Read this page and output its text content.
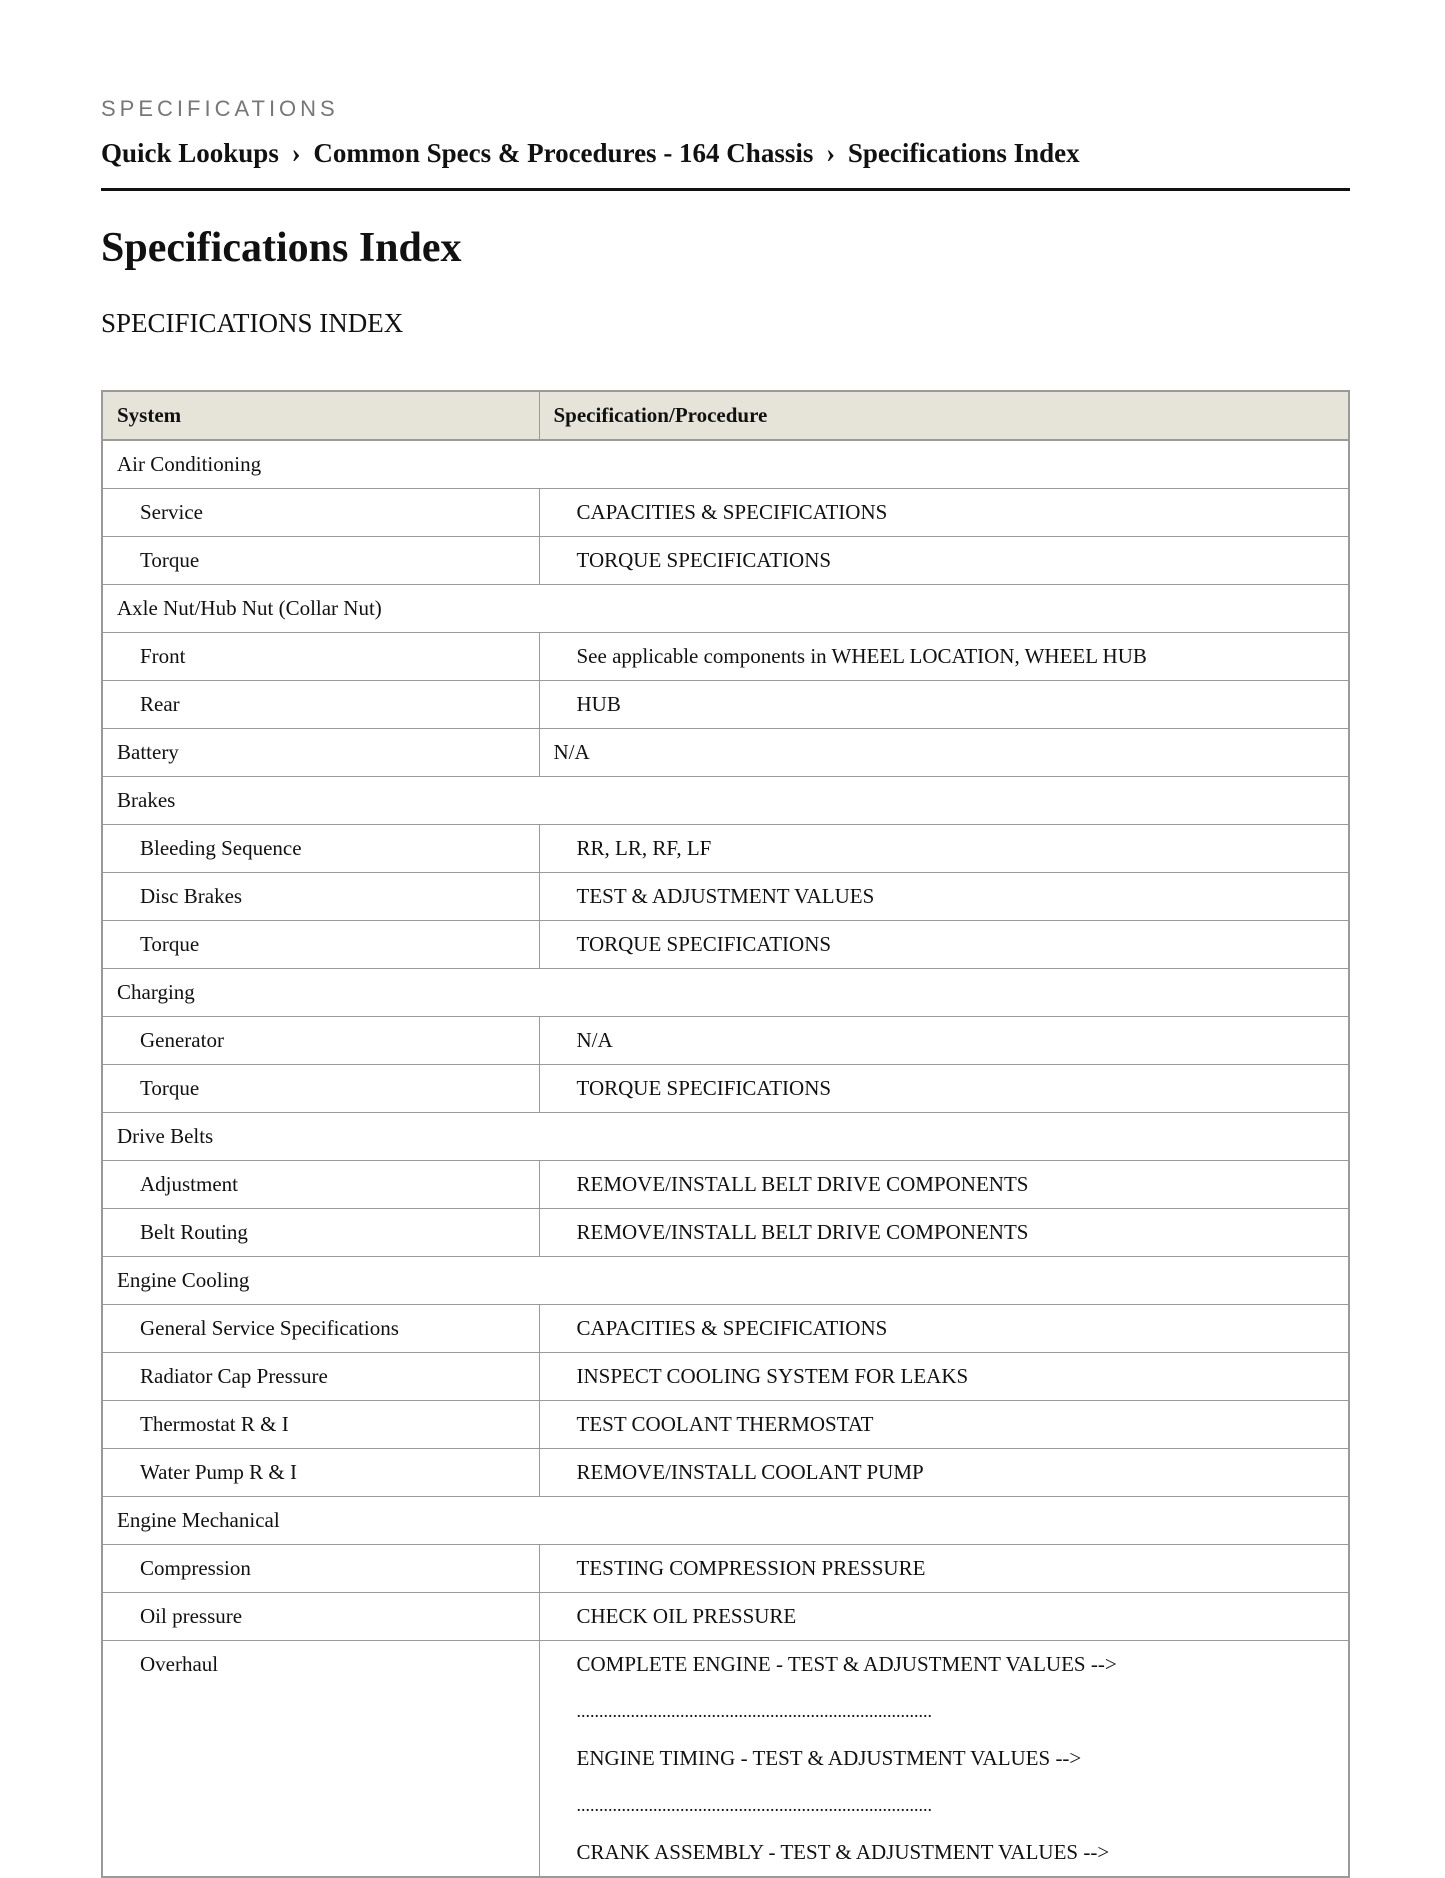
SPECIFICATIONS
Quick Lookups › Common Specs & Procedures - 164 Chassis › Specifications Index
Specifications Index
SPECIFICATIONS INDEX
System	Specification/Procedure
Air Conditioning	
Service	CAPACITIES & SPECIFICATIONS
Torque	TORQUE SPECIFICATIONS
Axle Nut/Hub Nut (Collar Nut)	
Front	See applicable components in WHEEL LOCATION, WHEEL HUB
Rear	HUB
Battery	N/A
Brakes	
Bleeding Sequence	RR, LR, RF, LF
Disc Brakes	TEST & ADJUSTMENT VALUES
Torque	TORQUE SPECIFICATIONS
Charging	
Generator	N/A
Torque	TORQUE SPECIFICATIONS
Drive Belts	
Adjustment	REMOVE/INSTALL BELT DRIVE COMPONENTS
Belt Routing	REMOVE/INSTALL BELT DRIVE COMPONENTS
Engine Cooling	
General Service Specifications	CAPACITIES & SPECIFICATIONS
Radiator Cap Pressure	INSPECT COOLING SYSTEM FOR LEAKS
Thermostat R & I	TEST COOLANT THERMOSTAT
Water Pump R & I	REMOVE/INSTALL COOLANT PUMP
Engine Mechanical	
Compression	TESTING COMPRESSION PRESSURE
Oil pressure	CHECK OIL PRESSURE
Overhaul	COMPLETE ENGINE - TEST & ADJUSTMENT VALUES -->
...............................................................................
ENGINE TIMING - TEST & ADJUSTMENT VALUES -->
...............................................................................
CRANK ASSEMBLY - TEST & ADJUSTMENT VALUES -->
